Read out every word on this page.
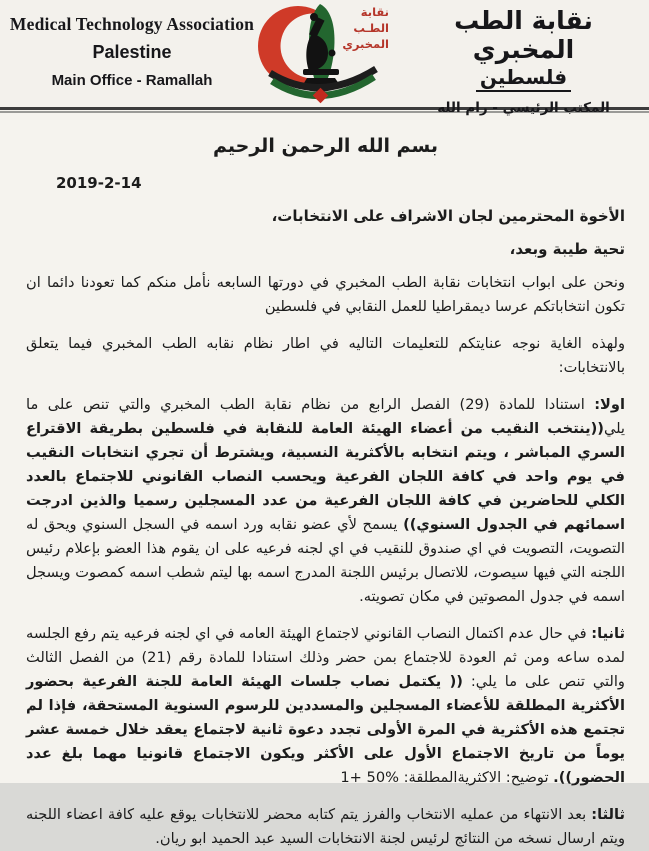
Medical Technology Association
Palestine
Main Office - Ramallah
نقابة
الطـب
المخبري
نقابة الطب المخبري
فلسطين
المكتب الرئيسي - رام الله
بسم الله الرحمن الرحيم
2019-2-14
الأخوة المحترمين لجان الاشراف على الانتخابات،
تحية طيبة وبعد،

ونحن على ابواب انتخابات نقابة الطب المخبري في دورتها السابعه نأمل منكم كما تعودنا دائما ان تكون انتخاباتكم عرسا ديمقراطيا للعمل النقابي في فلسطين

ولهذه الغاية نوجه عنايتكم للتعليمات التاليه في اطار نظام نقابه الطب المخبري فيما يتعلق بالانتخابات:

اولا: استنادا للمادة (29) الفصل الرابع من نظام نقابة الطب المخبري والتي تنص على ما يلي((ينتخب النقيب من أعضاء الهيئة العامة للنقابة في فلسطين بطريقة الاقتراع السري المباشر ، ويتم انتخابه بالأكثرية النسبية، ويشترط أن تجري انتخابات النقيب في يوم واحد في كافة اللجان الفرعية ويحسب النصاب القانوني للاجتماع بالعدد الكلي للحاضرين في كافة اللجان الفرعية من عدد المسجلين رسميا والذين ادرجت اسمائهم في الجدول السنوي)) يسمح لأي عضو نقابه ورد اسمه في السجل السنوي ويحق له التصويت، التصويت في اي صندوق للنقيب في اي لجنه فرعيه على ان يقوم هذا العضو بإعلام رئيس اللجنه التي فيها سيصوت، للاتصال برئيس اللجنة المدرج اسمه بها ليتم شطب اسمه كمصوت ويسجل اسمه في جدول المصوتين في مكان تصويته.

ثانيا: في حال عدم اكتمال النصاب القانوني لاجتماع الهيئة العامه في اي لجنه فرعيه يتم رفع الجلسه لمده ساعه ومن ثم العودة للاجتماع بمن حضر وذلك استنادا للمادة رقم (21) من الفصل الثالث والتي تنص على ما يلي: (( يكتمل نصاب جلسات الهيئة العامة للجنة الفرعية بحضور الأكثرية المطلقة للأعضاء المسجلين والمسددين للرسوم السنوية المستحقة، فإذا لم تجتمع هذه الأكثرية في المرة الأولى تجدد دعوة ثانية لاجتماع يعقد خلال خمسة عشر يوماً من تاريخ الاجتماع الأول على الأكثر ويكون الاجتماع قانونيا مهما بلغ عدد الحضور)). توضيح: الاكثريةالمطلقة: %50 +1

ثالثا: بعد الانتهاء من عمليه الانتخاب والفرز يتم كتابه محضر للانتخابات يوقع عليه كافة اعضاء اللجنه ويتم ارسال نسخه من النتائج لرئيس لجنة الانتخابات السيد عبد الحميد ابو ريان.
